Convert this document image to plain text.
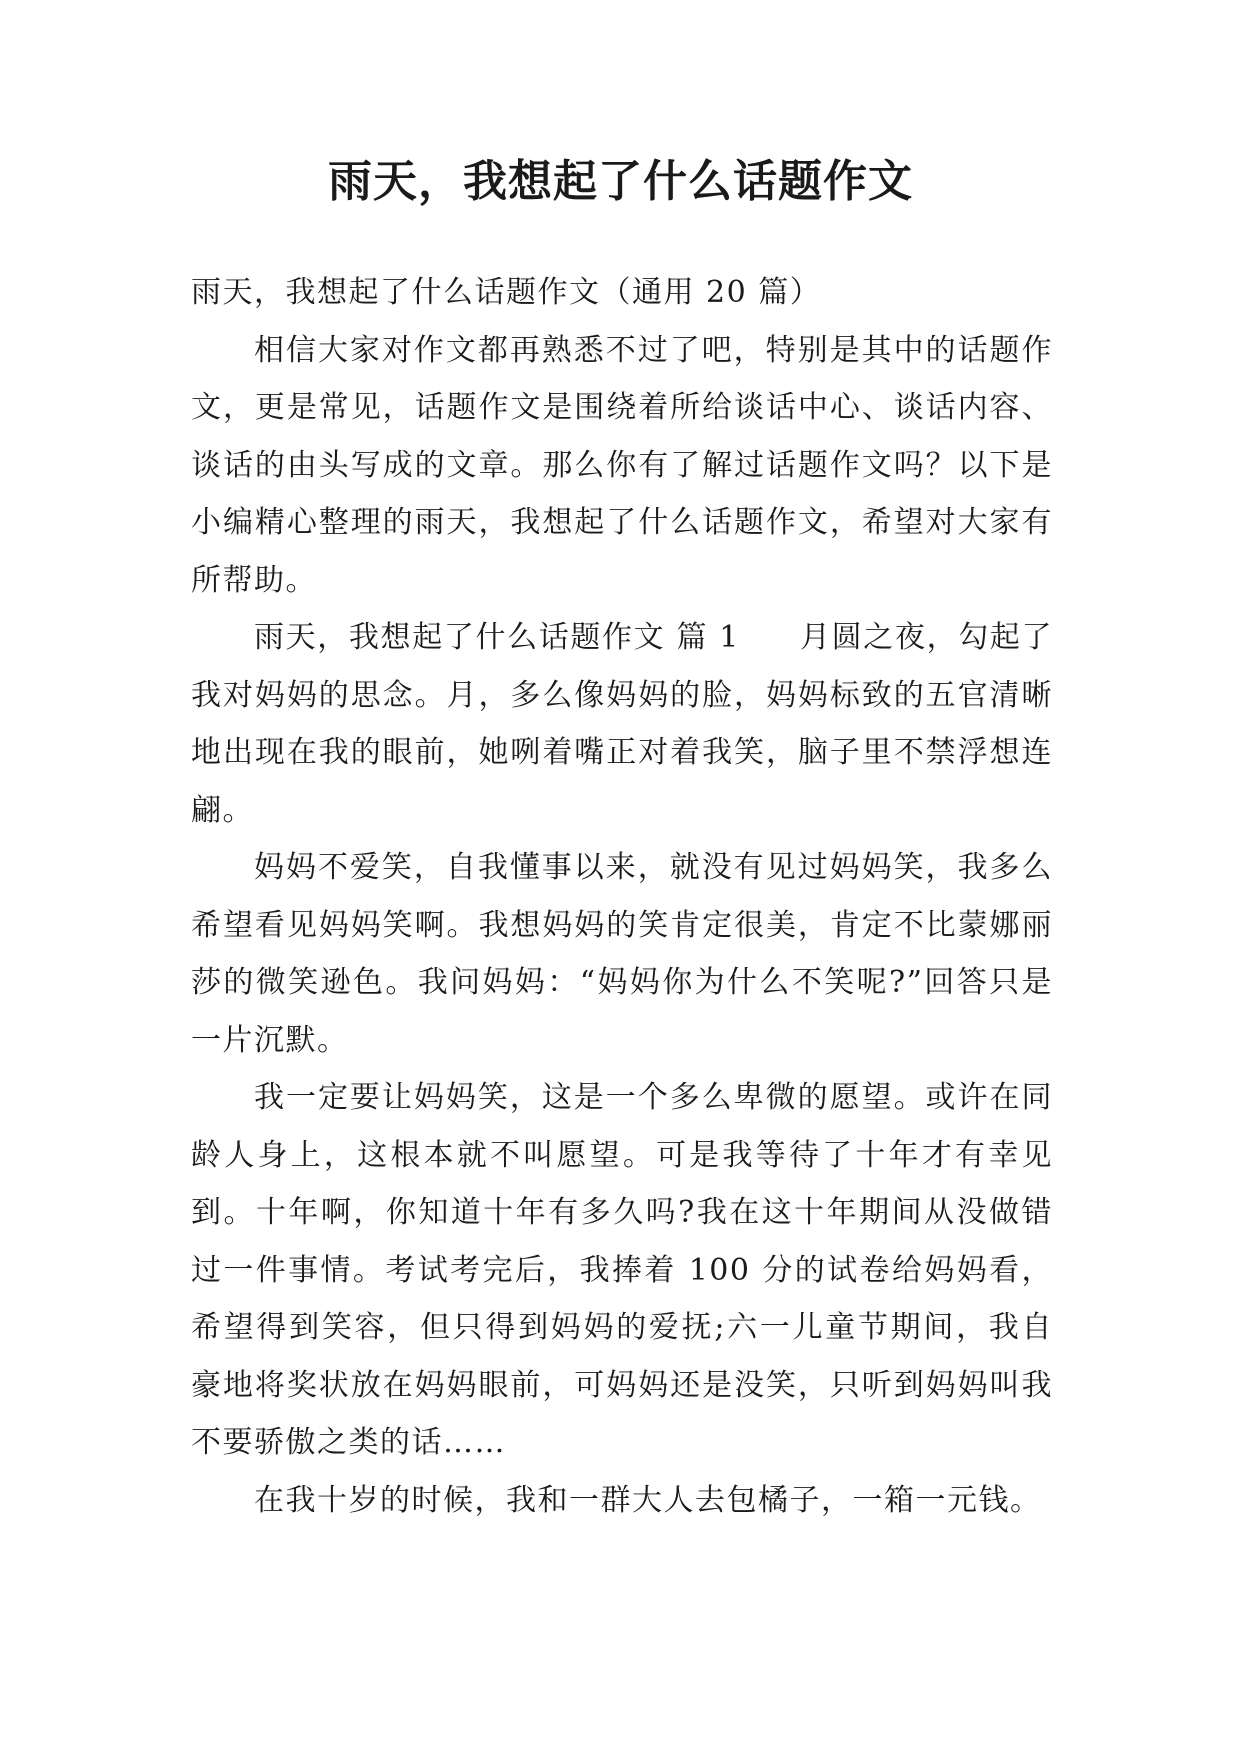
雨天，我想起了什么话题作文

雨天，我想起了什么话题作文（通用 20 篇）

相信大家对作文都再熟悉不过了吧，特别是其中的话题作文，更是常见，话题作文是围绕着所给谈话中心、谈话内容、谈话的由头写成的文章。那么你有了解过话题作文吗？以下是小编精心整理的雨天，我想起了什么话题作文，希望对大家有所帮助。

雨天，我想起了什么话题作文 篇 1 月圆之夜，勾起了我对妈妈的思念。月，多么像妈妈的脸，妈妈标致的五官清晰地出现在我的眼前，她咧着嘴正对着我笑，脑子里不禁浮想连翩。

妈妈不爱笑，自我懂事以来，就没有见过妈妈笑，我多么希望看见妈妈笑啊。我想妈妈的笑肯定很美，肯定不比蒙娜丽莎的微笑逊色。我问妈妈：“妈妈你为什么不笑呢?”回答只是一片沉默。

我一定要让妈妈笑，这是一个多么卑微的愿望。或许在同龄人身上，这根本就不叫愿望。可是我等待了十年才有幸见到。十年啊，你知道十年有多久吗?我在这十年期间从没做错过一件事情。考试考完后，我捧着 100 分的试卷给妈妈看，希望得到笑容，但只得到妈妈的爱抚;六一儿童节期间，我自豪地将奖状放在妈妈眼前，可妈妈还是没笑，只听到妈妈叫我不要骄傲之类的话……

在我十岁的时候，我和一群大人去包橘子，一箱一元钱。
